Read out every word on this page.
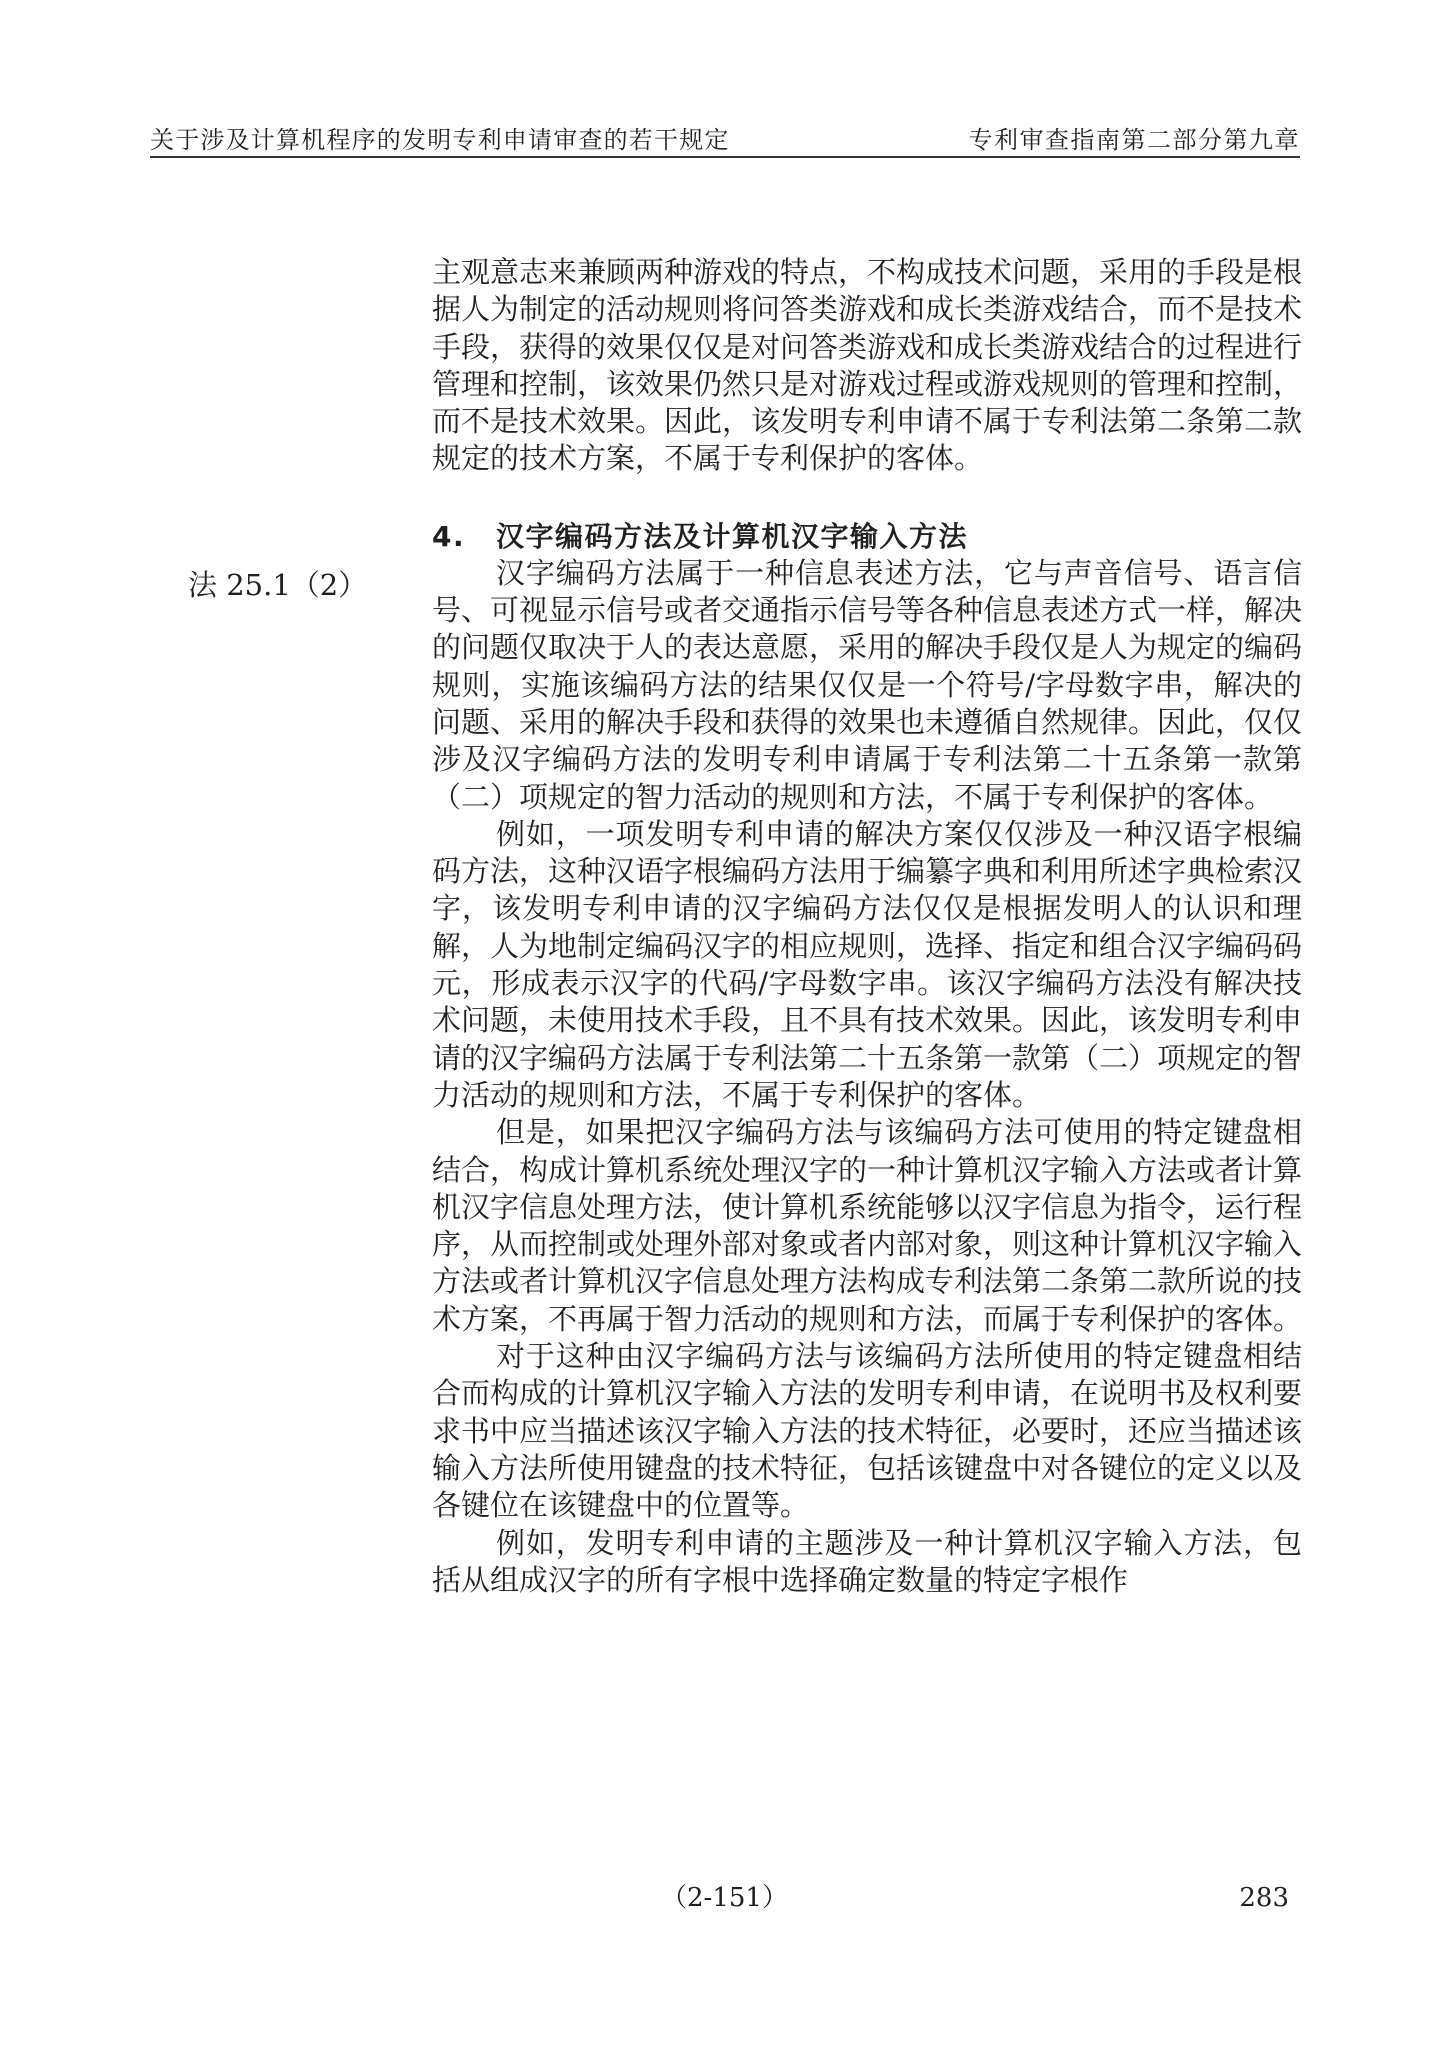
关于涉及计算机程序的发明专利申请审查的若干规定	专利审查指南第二部分第九章
法 25.1（2）

主观意志来兼顾两种游戏的特点，不构成技术问题，采用的手段是根据人为制定的活动规则将问答类游戏和成长类游戏结合，而不是技术手段，获得的效果仅仅是对问答类游戏和成长类游戏结合的过程进行管理和控制，该效果仍然只是对游戏过程或游戏规则的管理和控制，而不是技术效果。因此，该发明专利申请不属于专利法第二条第二款规定的技术方案，不属于专利保护的客体。

4. 汉字编码方法及计算机汉字输入方法

汉字编码方法属于一种信息表述方法，它与声音信号、语言信号、可视显示信号或者交通指示信号等各种信息表述方式一样，解决的问题仅取决于人的表达意愿，采用的解决手段仅是人为规定的编码规则，实施该编码方法的结果仅仅是一个符号/字母数字串，解决的问题、采用的解决手段和获得的效果也未遵循自然规律。因此，仅仅涉及汉字编码方法的发明专利申请属于专利法第二十五条第一款第（二）项规定的智力活动的规则和方法，不属于专利保护的客体。

例如，一项发明专利申请的解决方案仅仅涉及一种汉语字根编码方法，这种汉语字根编码方法用于编纂字典和利用所述字典检索汉字，该发明专利申请的汉字编码方法仅仅是根据发明人的认识和理解，人为地制定编码汉字的相应规则，选择、指定和组合汉字编码码元，形成表示汉字的代码/字母数字串。该汉字编码方法没有解决技术问题，未使用技术手段，且不具有技术效果。因此，该发明专利申请的汉字编码方法属于专利法第二十五条第一款第（二）项规定的智力活动的规则和方法，不属于专利保护的客体。

但是，如果把汉字编码方法与该编码方法可使用的特定键盘相结合，构成计算机系统处理汉字的一种计算机汉字输入方法或者计算机汉字信息处理方法，使计算机系统能够以汉字信息为指令，运行程序，从而控制或处理外部对象或者内部对象，则这种计算机汉字输入方法或者计算机汉字信息处理方法构成专利法第二条第二款所说的技术方案，不再属于智力活动的规则和方法，而属于专利保护的客体。

对于这种由汉字编码方法与该编码方法所使用的特定键盘相结合而构成的计算机汉字输入方法的发明专利申请，在说明书及权利要求书中应当描述该汉字输入方法的技术特征，必要时，还应当描述该输入方法所使用键盘的技术特征，包括该键盘中对各键位的定义以及各键位在该键盘中的位置等。

例如，发明专利申请的主题涉及一种计算机汉字输入方法，包括从组成汉字的所有字根中选择确定数量的特定字根作

（2-151）	283
